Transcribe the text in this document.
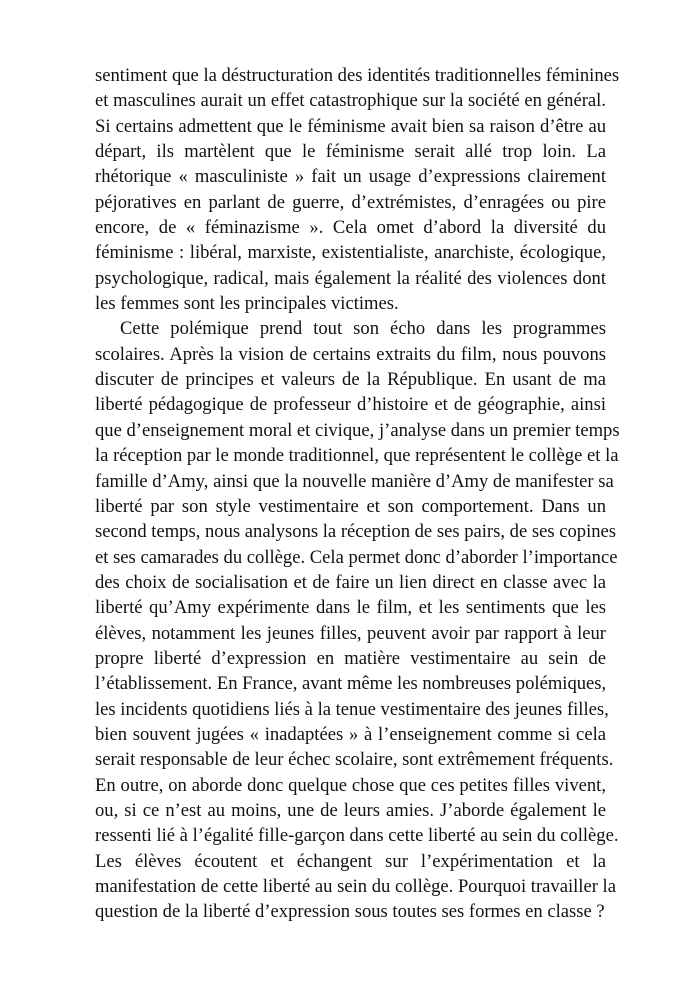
sentiment que la déstructuration des identités traditionnelles féminines
et masculines aurait un effet catastrophique sur la société en général.
Si certains admettent que le féminisme avait bien sa raison d’être au
départ, ils martèlent que le féminisme serait allé trop loin. La
rhétorique « masculiniste » fait un usage d’expressions clairement
péjoratives en parlant de guerre, d’extrémistes, d’enragées ou pire
encore, de « féminazisme ». Cela omet d’abord la diversité du
féminisme : libéral, marxiste, existentialiste, anarchiste, écologique,
psychologique, radical, mais également la réalité des violences dont
les femmes sont les principales victimes.
Cette polémique prend tout son écho dans les programmes
scolaires. Après la vision de certains extraits du film, nous pouvons
discuter de principes et valeurs de la République. En usant de ma
liberté pédagogique de professeur d’histoire et de géographie, ainsi
que d’enseignement moral et civique, j’analyse dans un premier temps
la réception par le monde traditionnel, que représentent le collège et la
famille d’Amy, ainsi que la nouvelle manière d’Amy de manifester sa
liberté par son style vestimentaire et son comportement. Dans un
second temps, nous analysons la réception de ses pairs, de ses copines
et ses camarades du collège. Cela permet donc d’aborder l’importance
des choix de socialisation et de faire un lien direct en classe avec la
liberté qu’Amy expérimente dans le film, et les sentiments que les
élèves, notamment les jeunes filles, peuvent avoir par rapport à leur
propre liberté d’expression en matière vestimentaire au sein de
l’établissement. En France, avant même les nombreuses polémiques,
les incidents quotidiens liés à la tenue vestimentaire des jeunes filles,
bien souvent jugées « inadaptées » à l’enseignement comme si cela
serait responsable de leur échec scolaire, sont extrêmement fréquents.
En outre, on aborde donc quelque chose que ces petites filles vivent,
ou, si ce n’est au moins, une de leurs amies. J’aborde également le
ressenti lié à l’égalité fille-garçon dans cette liberté au sein du collège.
Les élèves écoutent et échangent sur l’expérimentation et la
manifestation de cette liberté au sein du collège. Pourquoi travailler la
question de la liberté d’expression sous toutes ses formes en classe ?
